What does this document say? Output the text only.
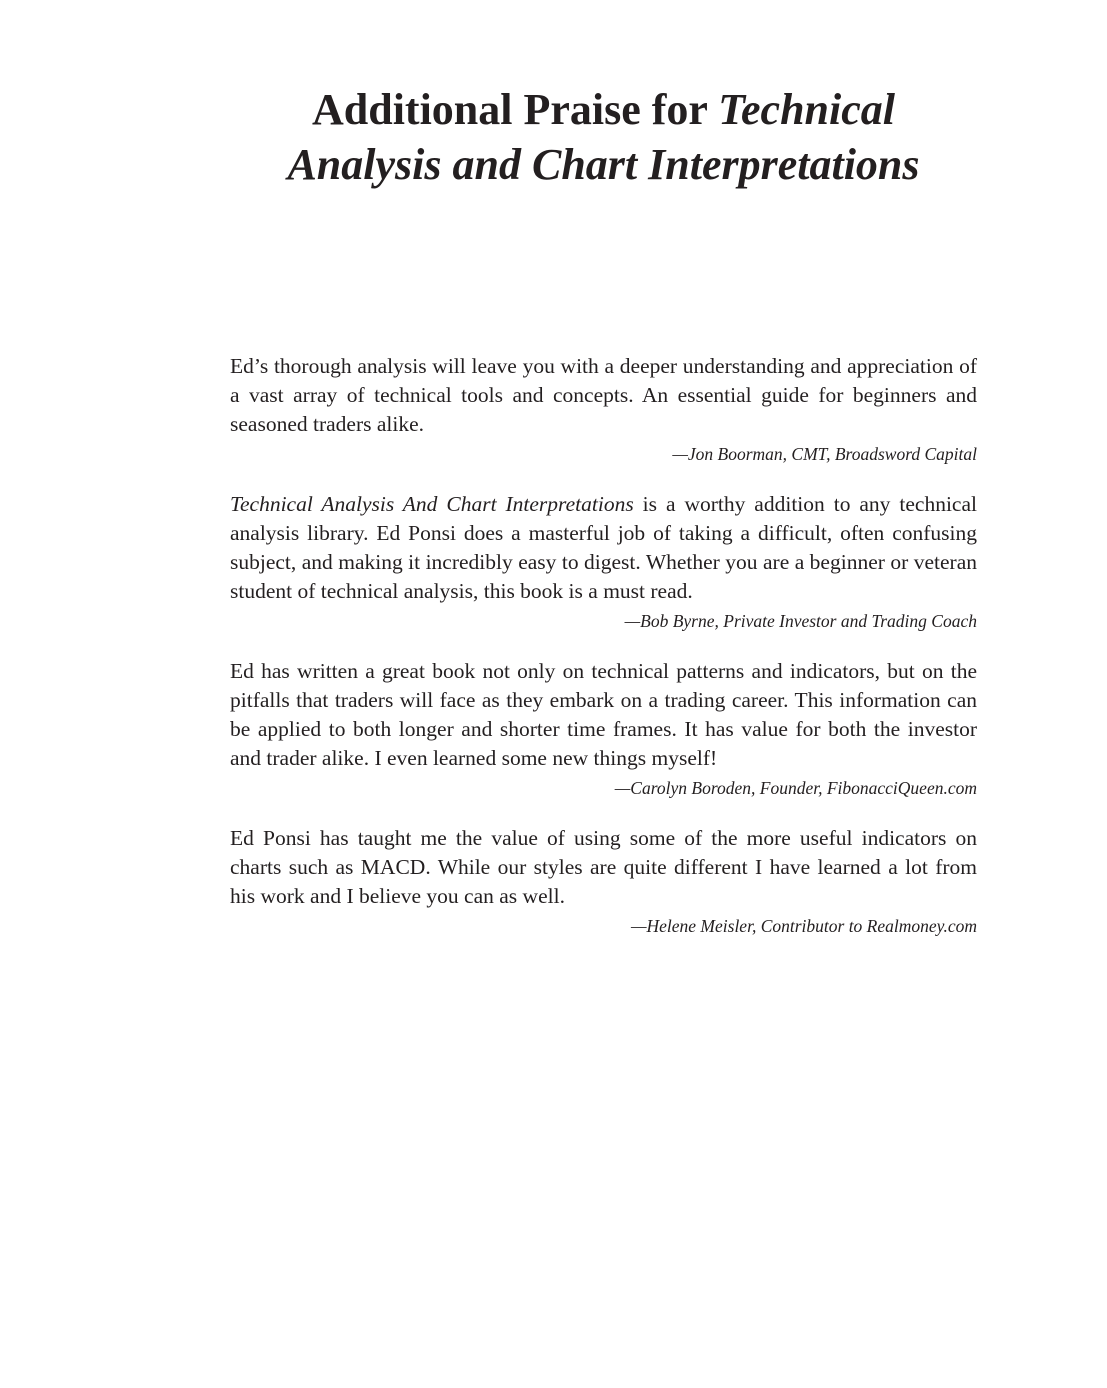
Additional Praise for Technical
Analysis and Chart Interpretations

Ed’s thorough analysis will leave you with a deeper understanding and appreciation of a vast array of technical tools and concepts. An essential guide for beginners and seasoned traders alike.

—Jon Boorman, CMT, Broadsword Capital

Technical Analysis And Chart Interpretations is a worthy addition to any technical analysis library. Ed Ponsi does a masterful job of taking a difficult, often confusing subject, and making it incredibly easy to digest. Whether you are a beginner or veteran student of technical analysis, this book is a must read.

—Bob Byrne, Private Investor and Trading Coach

Ed has written a great book not only on technical patterns and indicators, but on the pitfalls that traders will face as they embark on a trading career. This information can be applied to both longer and shorter time frames. It has value for both the investor and trader alike. I even learned some new things myself!

—Carolyn Boroden, Founder, FibonacciQueen.com

Ed Ponsi has taught me the value of using some of the more useful indicators on charts such as MACD. While our styles are quite different I have learned a lot from his work and I believe you can as well.

—Helene Meisler, Contributor to Realmoney.com
